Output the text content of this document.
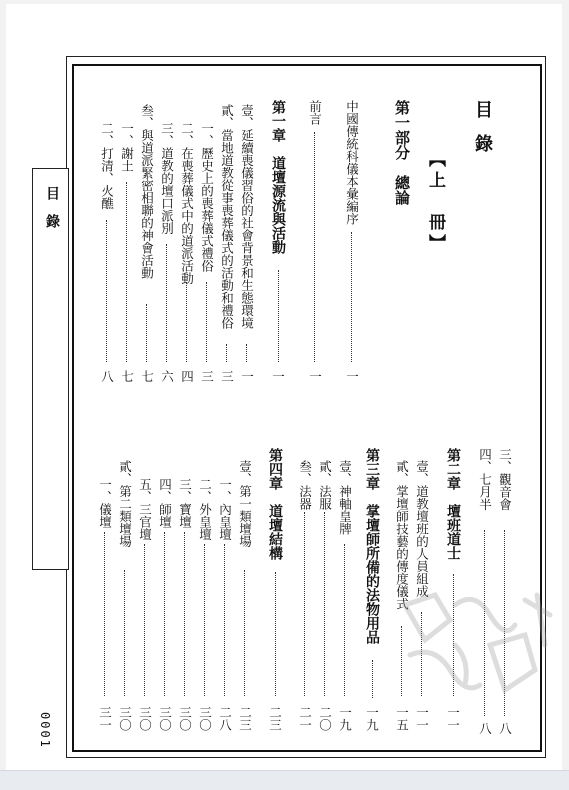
目錄
0001
目錄
【上　冊】
第一部分　總論
中國傳統科儀本彙編序
一
前言
一
第一章　道壇源流與活動
一
壹、延續喪儀習俗的社會背景和生態環境
一
貳、當地道教從事喪葬儀式的活動和禮俗
三
一、歷史上的喪葬儀式禮俗
三
二、在喪葬儀式中的道派活動
四
三、道教的壇口派別
六
叁、與道派緊密相聯的神會活動
七
一、謝土
七
二、打清、火醮
八
三、觀音會
八
四、七月半
八
第二章　壇班道士
一一
壹、道教壇班的人員組成
一一
貳、掌壇師技藝的傳度儀式
一五
第三章　掌壇師所備的法物用品
一九
壹、神軸皇牌
一九
貳、法服
二〇
叁、法器
二一
第四章　道壇結構
二三
壹、第一類壇場
二三
一、內皇壇
二八
二、外皇壇
三〇
三、寶壇
三〇
四、師壇
三〇
五、三官壇
三〇
貳、第二類壇場
三〇
一、儀壇
三一
